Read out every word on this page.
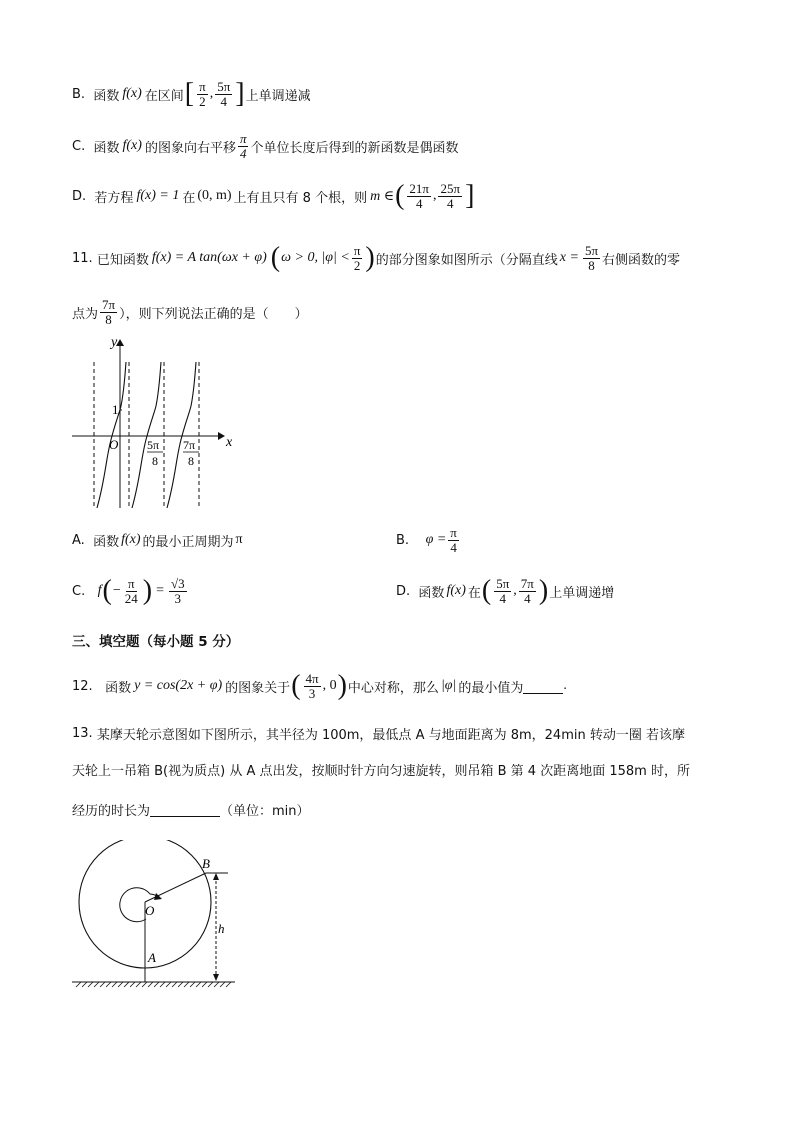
B.
函数 f(x) 在区间 [ $\frac{\pi}{2}$ , $\frac{5\pi}{4}$ ] 上单调递减
C.
函数 f(x) 的图象向右平移 $\frac{\pi}{4}$ 个单位长度后得到的新函数是偶函数
D.
若方程 f(x) = 1 在 (0, m) 上有且只有 8 个根，则 m ∈ ( $\frac{21\pi}{4}$ , $\frac{25\pi}{4}$ ]
11.
已知函数 f(x) = A tan(ωx + φ) ( ω > 0, $|\varphi| < \frac{\pi}{2}$ ) 的部分图象如图所示（分隔直线 $x = \frac{5\pi}{8}$ 右侧函数的零
点为 $\frac{7\pi}{8}$ ），则下列说法正确的是（　　）
y
x
O
1
5π
8
7π
8
A.
函数 f(x) 的最小正周期为 π	B.
$\varphi = \frac{\pi}{4}$
C.
f ( − $\frac{\pi}{24}$ ) = $\frac{√3}{3}$	D.
函数 f(x) 在 ( $\frac{5\pi}{4}$ , $\frac{7\pi}{4}$ ) 上单调递增
三、填空题（每小题 5 分）
12.
函数 y = cos(2x + φ) 的图象关于 ( $\frac{4\pi}{3}$ , 0 ) 中心对称，那么 |φ| 的最小值为	.
13.
某摩天轮示意图如下图所示，其半径为 100m，最低点 A 与地面距离为 8m，24min 转动一圈 若该摩
天轮上一吊箱 B(视为质点) 从 A 点出发，按顺时针方向匀速旋转，则吊箱 B 第 4 次距离地面 158m 时，所
经历的时长为	（单位：min）
B
O
A
h
